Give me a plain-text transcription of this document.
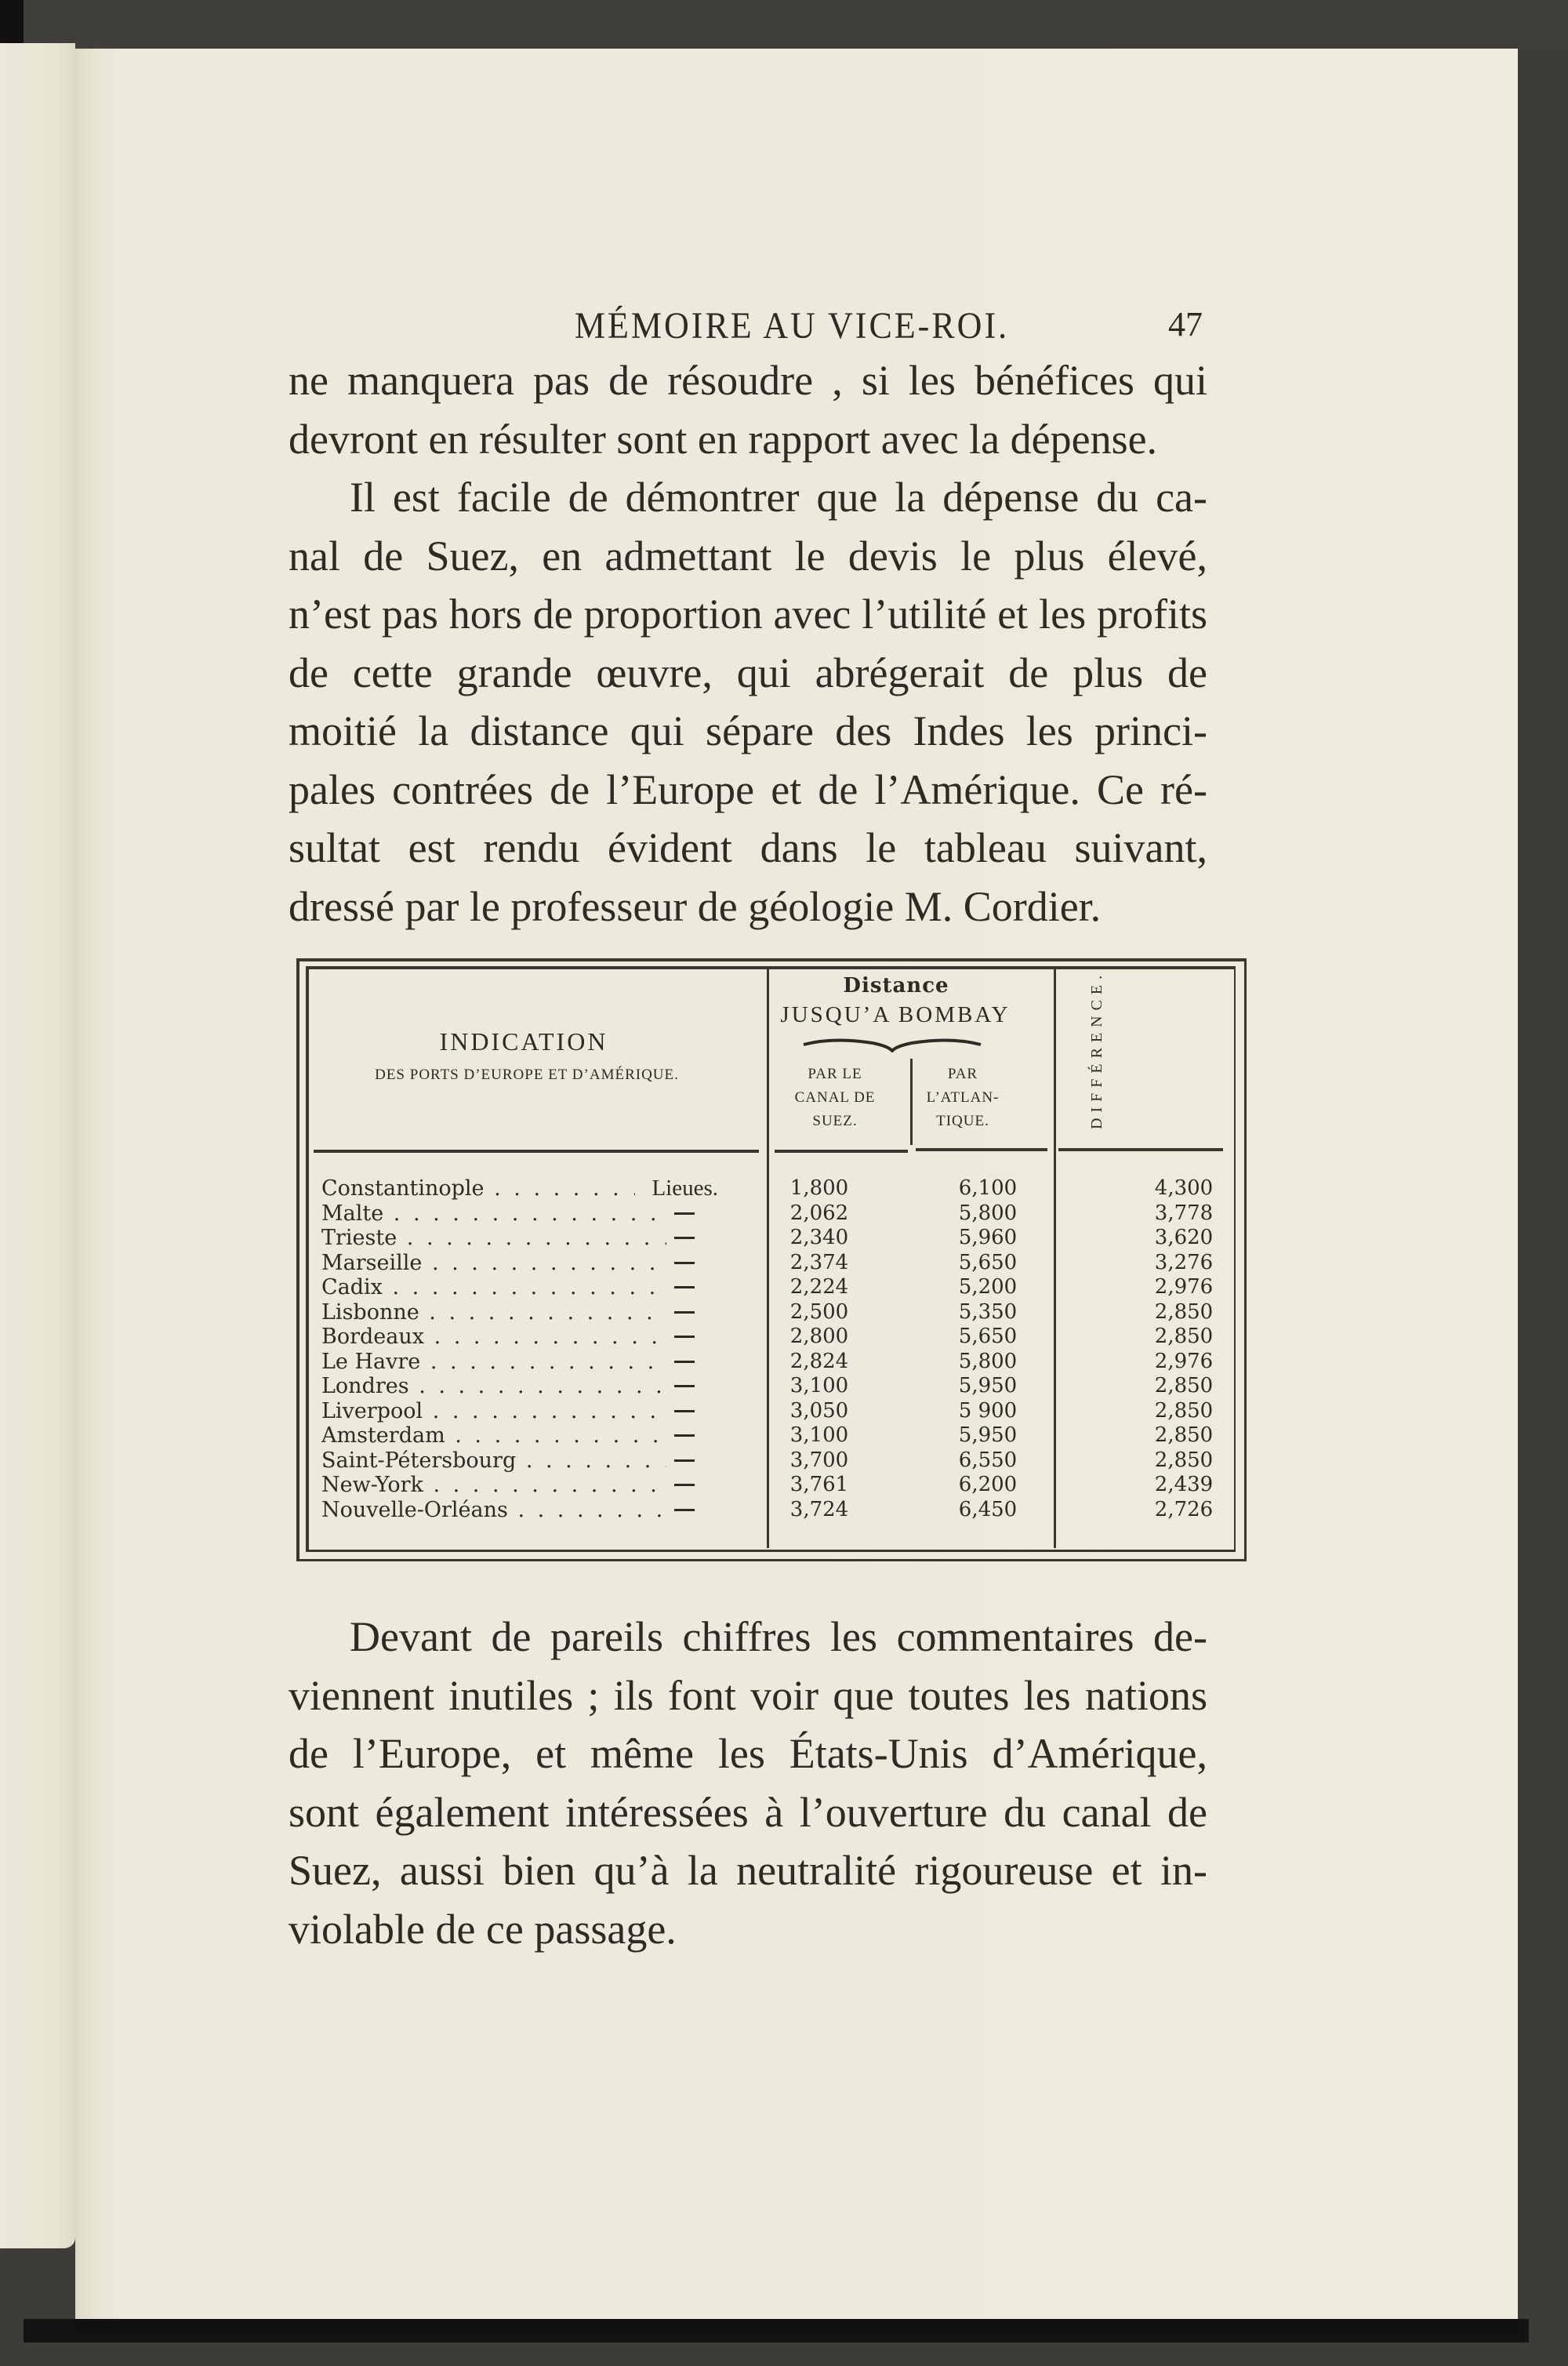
MÉMOIRE AU VICE-ROI.	47
ne manquera pas de résoudre , si les bénéfices qui
devront en résulter sont en rapport avec la dépense.
Il est facile de démontrer que la dépense du ca-
nal de Suez, en admettant le devis le plus élevé,
n’est pas hors de proportion avec l’utilité et les profits
de cette grande œuvre, qui abrégerait de plus de
moitié la distance qui sépare des Indes les princi-
pales contrées de l’Europe et de l’Amérique. Ce ré-
sultat est rendu évident dans le tableau suivant,
dressé par le professeur de géologie M. Cordier.
INDICATION
DES PORTS D’EUROPE ET D’AMÉRIQUE.
Distance
JUSQU’A BOMBAY
PAR LE
CANAL DE
SUEZ.
PAR
L’ATLAN-
TIQUE.	DIFFÉRENCE.
Constantinople . . .	Lieues.	1,800	6,100	4,300
Malte . . .	2,062	5,800	3,778
Trieste . . .	2,340	5,960	3,620
Marseille . . .	2,374	5,650	3,276
Cadix . . .	2,224	5,200	2,976
Lisbonne . . .	2,500	5,350	2,850
Bordeaux . . .	2,800	5,650	2,850
Le Havre . . .	2,824	5,800	2,976
Londres . . .	3,100	5,950	2,850
Liverpool . . .	3,050	5 900	2,850
Amsterdam . . .	3,100	5,950	2,850
Saint-Pétersbourg . . .	3,700	6,550	2,850
New-York . . .	3,761	6,200	2,439
Nouvelle-Orléans . . .	3,724	6,450	2,726
Devant de pareils chiffres les commentaires de-
viennent inutiles ; ils font voir que toutes les nations
de l’Europe, et même les États-Unis d’Amérique,
sont également intéressées à l’ouverture du canal de
Suez, aussi bien qu’à la neutralité rigoureuse et in-
violable de ce passage.
